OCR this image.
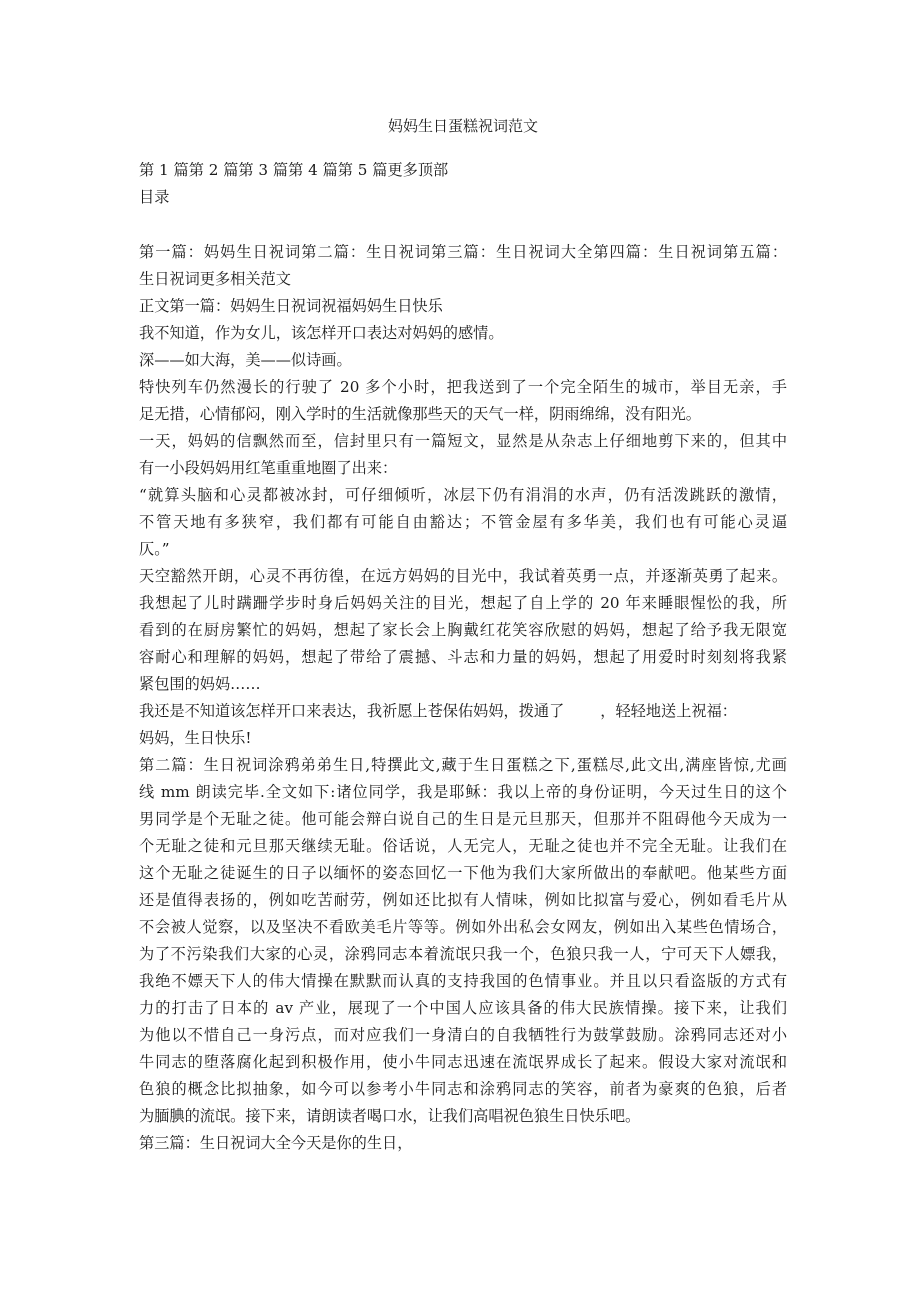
妈妈生日蛋糕祝词范文
第 1 篇第 2 篇第 3 篇第 4 篇第 5 篇更多顶部
目录
第一篇：妈妈生日祝词第二篇：生日祝词第三篇：生日祝词大全第四篇：生日祝词第五篇：
生日祝词更多相关范文
正文第一篇：妈妈生日祝词祝福妈妈生日快乐
我不知道，作为女儿，该怎样开口表达对妈妈的感情。
深——如大海，美——似诗画。
特快列车仍然漫长的行驶了 20 多个小时，把我送到了一个完全陌生的城市，举目无亲，手
足无措，心情郁闷，刚入学时的生活就像那些天的天气一样，阴雨绵绵，没有阳光。
一天，妈妈的信飘然而至，信封里只有一篇短文，显然是从杂志上仔细地剪下来的，但其中
有一小段妈妈用红笔重重地圈了出来：
“就算头脑和心灵都被冰封，可仔细倾听，冰层下仍有涓涓的水声，仍有活泼跳跃的激情，
不管天地有多狭窄，我们都有可能自由豁达；不管金屋有多华美，我们也有可能心灵逼
仄。”
天空豁然开朗，心灵不再彷徨，在远方妈妈的目光中，我试着英勇一点，并逐渐英勇了起来。
我想起了儿时蹒跚学步时身后妈妈关注的目光，想起了自上学的 20 年来睡眼惺忪的我，所
看到的在厨房繁忙的妈妈，想起了家长会上胸戴红花笑容欣慰的妈妈，想起了给予我无限宽
容耐心和理解的妈妈，想起了带给了震撼、斗志和力量的妈妈，想起了用爱时时刻刻将我紧
紧包围的妈妈……
我还是不知道该怎样开口来表达，我祈愿上苍保佑妈妈，拨通了 ，轻轻地送上祝福：
妈妈，生日快乐!
第二篇：生日祝词涂鸦弟弟生日,特撰此文,藏于生日蛋糕之下,蛋糕尽,此文出,满座皆惊,尤画
线 mm 朗读完毕.全文如下:诸位同学，我是耶稣：我以上帝的身份证明，今天过生日的这个
男同学是个无耻之徒。他可能会辩白说自己的生日是元旦那天，但那并不阻碍他今天成为一
个无耻之徒和元旦那天继续无耻。俗话说，人无完人，无耻之徒也并不完全无耻。让我们在
这个无耻之徒诞生的日子以缅怀的姿态回忆一下他为我们大家所做出的奉献吧。他某些方面
还是值得表扬的，例如吃苦耐劳，例如还比拟有人情味，例如比拟富与爱心，例如看毛片从
不会被人觉察，以及坚决不看欧美毛片等等。例如外出私会女网友，例如出入某些色情场合，
为了不污染我们大家的心灵，涂鸦同志本着流氓只我一个，色狼只我一人，宁可天下人嫖我，
我绝不嫖天下人的伟大情操在默默而认真的支持我国的色情事业。并且以只看盗版的方式有
力的打击了日本的 av 产业，展现了一个中国人应该具备的伟大民族情操。接下来，让我们
为他以不惜自己一身污点，而对应我们一身清白的自我牺牲行为鼓掌鼓励。涂鸦同志还对小
牛同志的堕落腐化起到积极作用，使小牛同志迅速在流氓界成长了起来。假设大家对流氓和
色狼的概念比拟抽象，如今可以参考小牛同志和涂鸦同志的笑容，前者为豪爽的色狼，后者
为腼腆的流氓。接下来，请朗读者喝口水，让我们高唱祝色狼生日快乐吧。
第三篇：生日祝词大全今天是你的生日，
